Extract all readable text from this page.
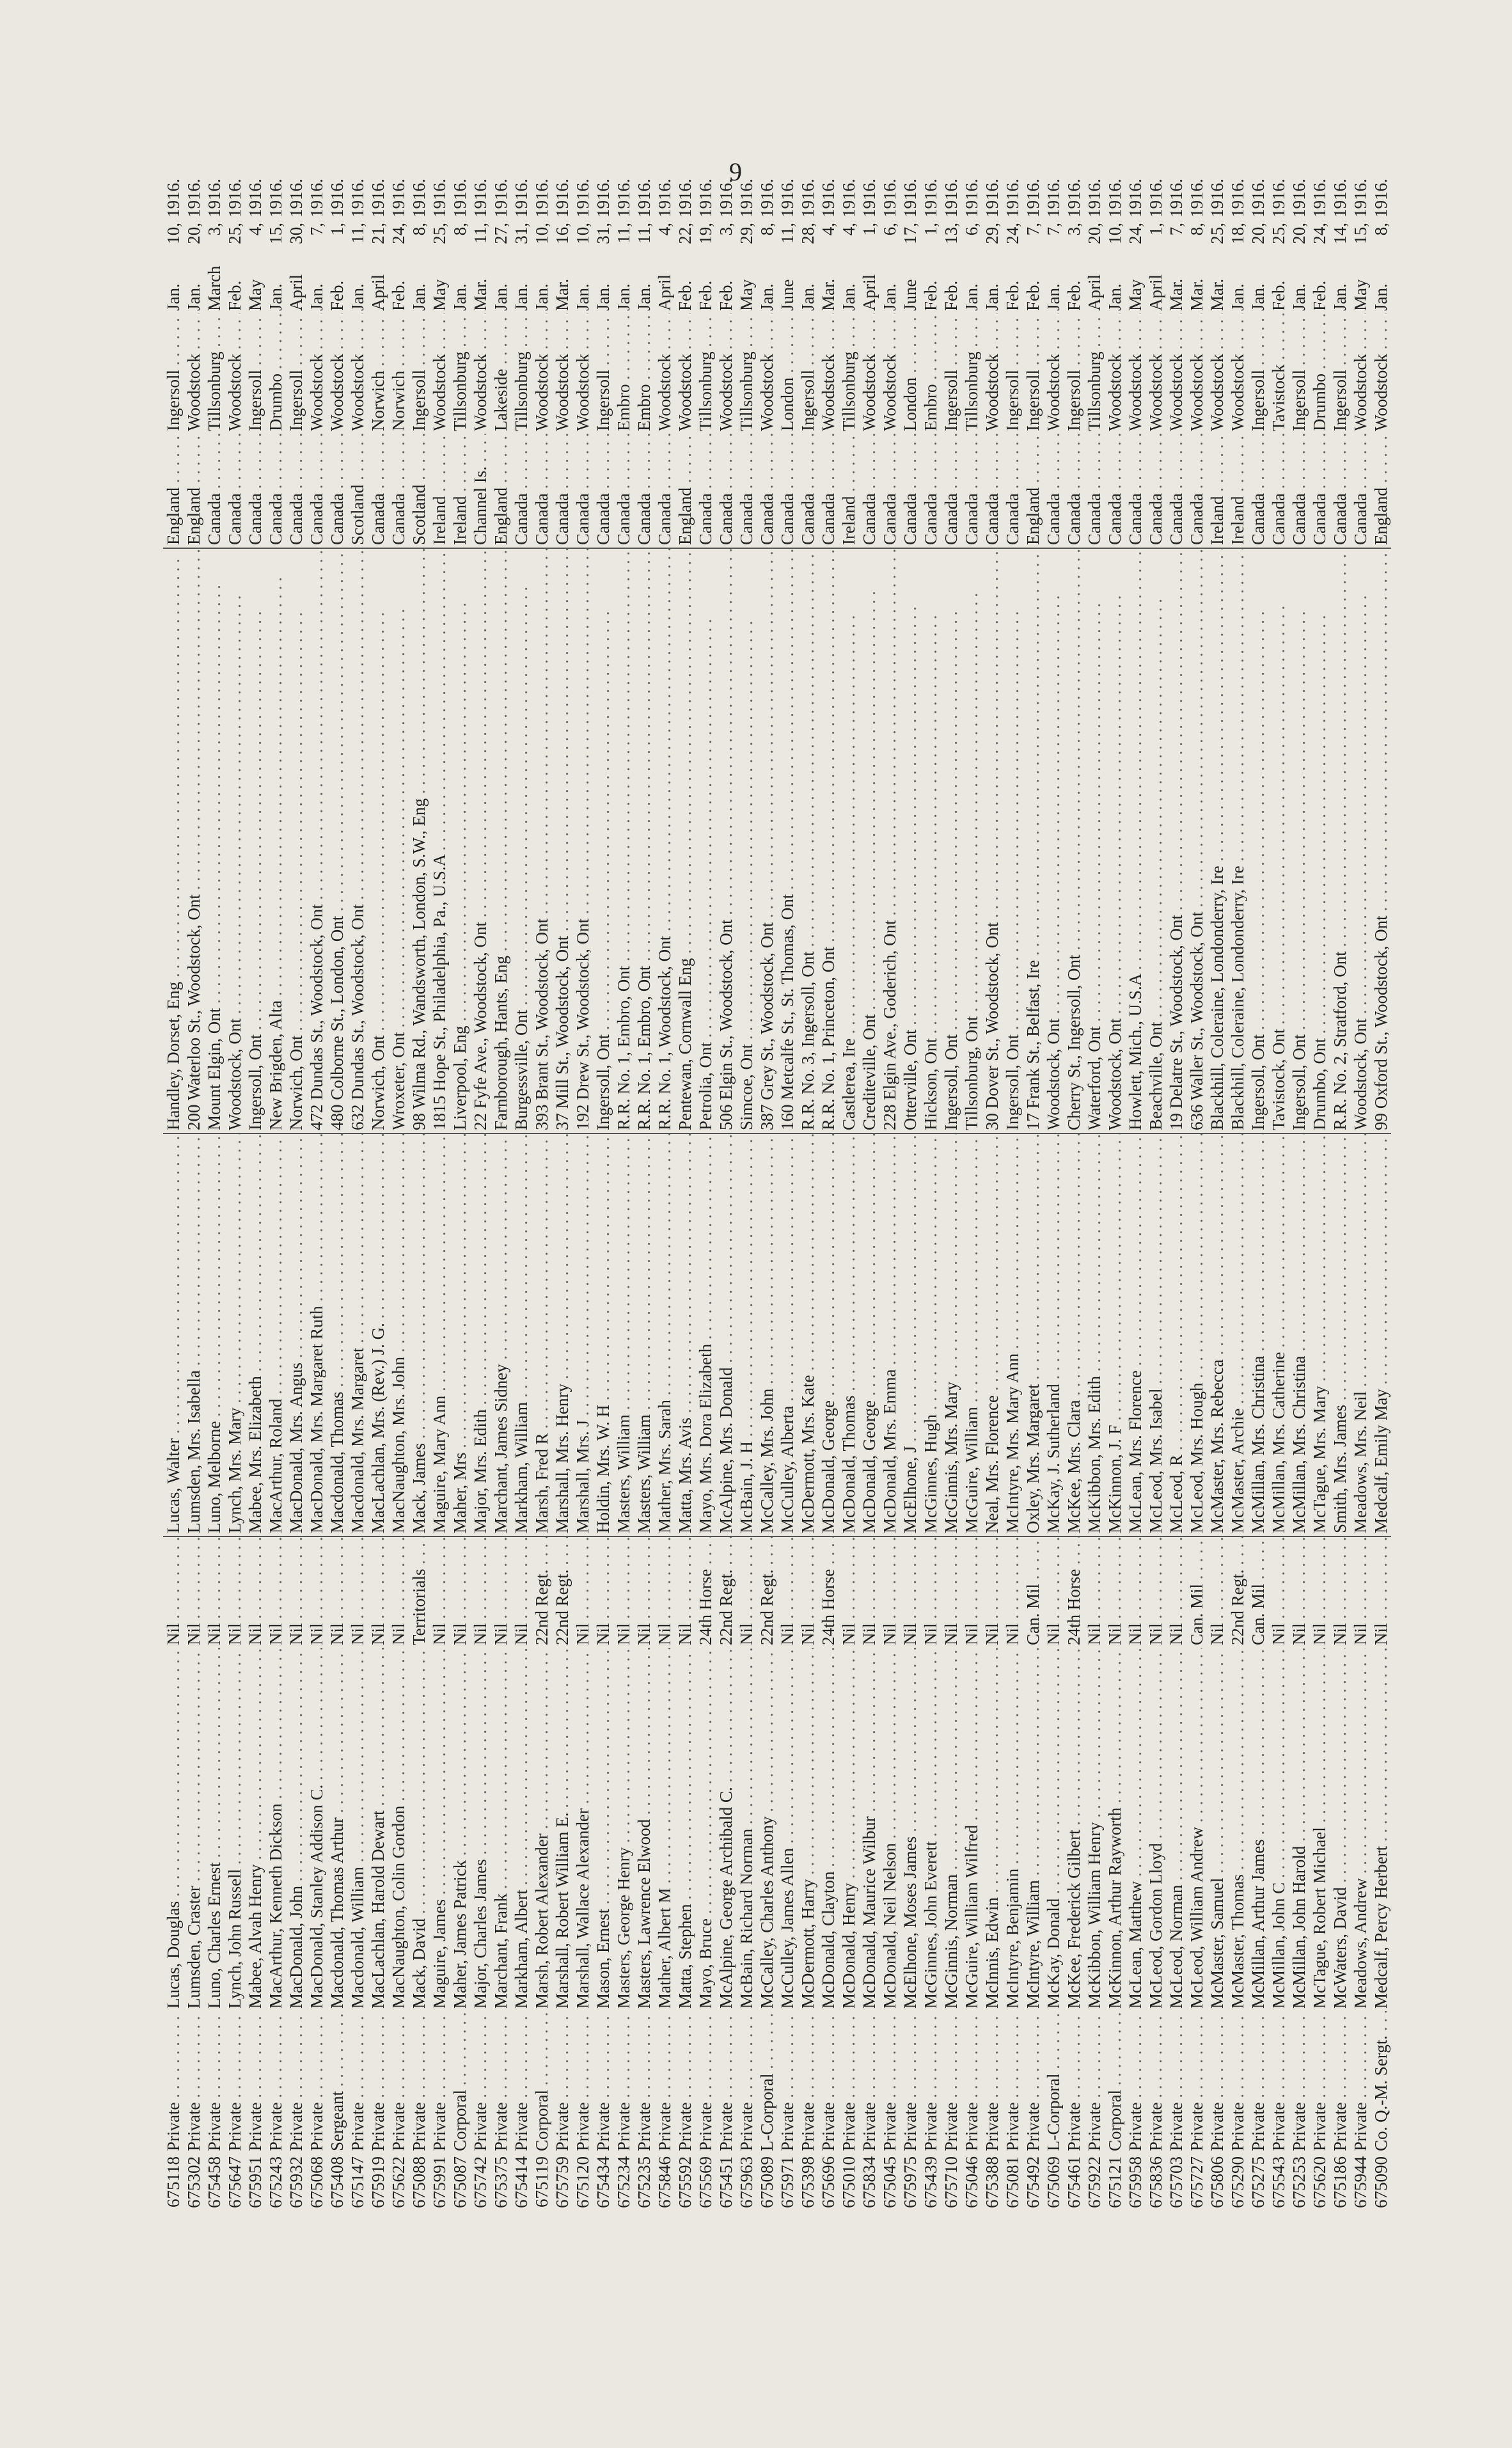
9
675118	Private . . .	Lucas, Douglas . . .	Nil . . .	Lucas, Walter . . .	Handley, Dorset, Eng . . .	England . . .	Ingersoll . . .	Jan.	10,	1916.
675302	Private . . .	Lumsden, Craster . . .	Nil . . .	Lumsden, Mrs. Isabella . . .	200 Waterloo St., Woodstock, Ont . . .	England . . .	Woodstock . . .	Jan.	20,	1916.
675458	Private . . .	Luno, Charles Ernest . . .	Nil . . .	Luno, Melborne . . .	Mount Elgin, Ont . . .	Canada . . .	Tillsonburg . . .	March	3,	1916.
675647	Private . . .	Lynch, John Russell . . .	Nil . . .	Lynch, Mrs. Mary . . .	Woodstock, Ont . . .	Canada . . .	Woodstock . . .	Feb.	25,	1916.
675951	Private . . .	Mabee, Alvah Henry . . .	Nil . . .	Mabee, Mrs. Elizabeth . . .	Ingersoll, Ont . . .	Canada . . .	Ingersoll . . .	May	4,	1916.
675243	Private . . .	MacArthur, Kenneth Dickson . . .	Nil . . .	MacArthur, Roland . . .	New Brigden, Alta . . .	Canada . . .	Drumbo . . .	Jan.	15,	1916.
675932	Private . . .	MacDonald, John . . .	Nil . . .	MacDonald, Mrs. Angus . . .	Norwich, Ont . . .	Canada . . .	Ingersoll . . .	April	30,	1916.
675068	Private . . .	MacDonald, Stanley Addison C. . . .	Nil . . .	MacDonald, Mrs. Margaret Ruth . . .	472 Dundas St., Woodstock, Ont . . .	Canada . . .	Woodstock . . .	Jan.	7,	1916.
675408	Sergeant . . .	Macdonald, Thomas Arthur . . .	Nil . . .	Macdonald, Thomas . . .	480 Colborne St., London, Ont . . .	Canada . . .	Woodstock . . .	Feb.	1,	1916.
675147	Private . . .	Macdonald, William . . .	Nil . . .	Macdonald, Mrs. Margaret . . .	632 Dundas St., Woodstock, Ont . . .	Scotland . . .	Woodstock . . .	Jan.	11,	1916.
675919	Private . . .	MacLachlan, Harold Dewart . . .	Nil . . .	MacLachlan, Mrs. (Rev.) J. G. . . .	Norwich, Ont . . .	Canada . . .	Norwich . . .	April	21,	1916.
675622	Private . . .	MacNaughton, Colin Gordon . . .	Nil . . .	MacNaughton, Mrs. John . . .	Wroxeter, Ont . . .	Canada . . .	Norwich . . .	Feb.	24,	1916.
675088	Private . . .	Mack, David . . .	Territorials . . .	Mack, James . . .	98 Wilma Rd., Wandsworth, London, S.W., Eng . . .	Scotland . . .	Ingersoll . . .	Jan.	8,	1916.
675991	Private . . .	Maguire, James . . .	Nil . . .	Maguire, Mary Ann . . .	1815 Hope St., Philadelphia, Pa., U.S.A . . .	Ireland . . .	Woodstock . . .	May	25,	1916.
675087	Corporal . . .	Maher, James Patrick . . .	Nil . . .	Maher, Mrs . . .	Liverpool, Eng . . .	Ireland . . .	Tillsonburg . . .	Jan.	8,	1916.
675742	Private . . .	Major, Charles James . . .	Nil . . .	Major, Mrs. Edith . . .	22 Fyfe Ave., Woodstock, Ont . . .	Channel Is. . . .	Woodstock . . .	Mar.	11,	1916.
675375	Private . . .	Marchant, Frank . . .	Nil . . .	Marchant, James Sidney . . .	Farnborough, Hants, Eng . . .	England . . .	Lakeside . . .	Jan.	27,	1916.
675414	Private . . .	Markham, Albert . . .	Nil . . .	Markham, William . . .	Burgessville, Ont . . .	Canada . . .	Tillsonburg . . .	Jan.	31,	1916.
675119	Corporal . . .	Marsh, Robert Alexander . . .	22nd Regt. . . .	Marsh, Fred R . . .	393 Brant St., Woodstock, Ont . . .	Canada . . .	Woodstock . . .	Jan.	10,	1916.
675759	Private . . .	Marshall, Robert William E. . . .	22nd Regt. . . .	Marshall, Mrs. Henry . . .	37 Mill St., Woodstock, Ont . . .	Canada . . .	Woodstock . . .	Mar.	16,	1916.
675120	Private . . .	Marshall, Wallace Alexander . . .	Nil . . .	Marshall, Mrs. J . . .	192 Drew St., Woodstock, Ont . . .	Canada . . .	Woodstock . . .	Jan.	10,	1916.
675434	Private . . .	Mason, Ernest . . .	Nil . . .	Holdin, Mrs. W. H . . .	Ingersoll, Ont . . .	Canada . . .	Ingersoll . . .	Jan.	31,	1916.
675234	Private . . .	Masters, George Henry . . .	Nil . . .	Masters, William . . .	R.R. No. 1, Embro, Ont . . .	Canada . . .	Embro . . .	Jan.	11,	1916.
675235	Private . . .	Masters, Lawrence Elwood . . .	Nil . . .	Masters, William . . .	R.R. No. 1, Embro, Ont . . .	Canada . . .	Embro . . .	Jan.	11,	1916.
675846	Private . . .	Mather, Albert M . . .	Nil . . .	Mather, Mrs. Sarah . . .	R.R. No. 1, Woodstock, Ont . . .	Canada . . .	Woodstock . . .	April	4,	1916.
675592	Private . . .	Matta, Stephen . . .	Nil . . .	Matta, Mrs. Avis . . .	Pentewan, Cornwall Eng . . .	England . . .	Woodstock . . .	Feb.	22,	1916.
675569	Private . . .	Mayo, Bruce . . .	24th Horse . . .	Mayo, Mrs. Dora Elizabeth . . .	Petrolia, Ont . . .	Canada . . .	Tillsonburg . . .	Feb.	19,	1916.
675451	Private . . .	McAlpine, George Archibald C. . . .	22nd Regt. . . .	McAlpine, Mrs. Donald . . .	506 Elgin St., Woodstock, Ont . . .	Canada . . .	Woodstock . . .	Feb.	3,	1916.
675963	Private . . .	McBain, Richard Norman . . .	Nil . . .	McBain, J. H . . .	Simcoe, Ont . . .	Canada . . .	Tillsonburg . . .	May	29,	1916.
675089	L-Corporal . . .	McCalley, Charles Anthony . . .	22nd Regt. . . .	McCalley, Mrs. John . . .	387 Grey St., Woodstock, Ont . . .	Canada . . .	Woodstock . . .	Jan.	8,	1916.
675971	Private . . .	McCulley, James Allen . . .	Nil . . .	McCulley, Alberta . . .	160 Metcalfe St., St. Thomas, Ont . . .	Canada . . .	London . . .	June	11,	1916.
675398	Private . . .	McDermott, Harry . . .	Nil . . .	McDermott, Mrs. Kate . . .	R.R. No. 3, Ingersoll, Ont . . .	Canada . . .	Ingersoll . . .	Jan.	28,	1916.
675696	Private . . .	McDonald, Clayton . . .	24th Horse . . .	McDonald, George . . .	R.R. No. 1, Princeton, Ont . . .	Canada . . .	Woodstock . . .	Mar.	4,	1916.
675010	Private . . .	McDonald, Henry . . .	Nil . . .	McDonald, Thomas . . .	Castlerea, Ire . . .	Ireland . . .	Tillsonburg . . .	Jan.	4,	1916.
675834	Private . . .	McDonald, Maurice Wilbur . . .	Nil . . .	McDonald, George . . .	Crediteville, Ont . . .	Canada . . .	Woodstock . . .	April	1,	1916.
675045	Private . . .	McDonald, Neil Nelson . . .	Nil . . .	McDonald, Mrs. Emma . . .	228 Elgin Ave., Goderich, Ont . . .	Canada . . .	Woodstock . . .	Jan.	6,	1916.
675975	Private . . .	McElhone, Moses James . . .	Nil . . .	McElhone, J . . .	Otterville, Ont . . .	Canada . . .	London . . .	June	17,	1916.
675439	Private . . .	McGinnes, John Everett . . .	Nil . . .	McGinnes, Hugh . . .	Hickson, Ont . . .	Canada . . .	Embro . . .	Feb.	1,	1916.
675710	Private . . .	McGinnis, Norman . . .	Nil . . .	McGinnis, Mrs. Mary . . .	Ingersoll, Ont . . .	Canada . . .	Ingersoll . . .	Feb.	13,	1916.
675046	Private . . .	McGuire, William Wilfred . . .	Nil . . .	McGuire, William . . .	Tillsonburg, Ont . . .	Canada . . .	Tillsonburg . . .	Jan.	6,	1916.
675388	Private . . .	McInnis, Edwin . . .	Nil . . .	Neal, Mrs. Florence . . .	30 Dover St., Woodstock, Ont . . .	Canada . . .	Woodstock . . .	Jan.	29,	1916.
675081	Private . . .	McIntyre, Benjamin . . .	Nil . . .	McIntyre, Mrs. Mary Ann . . .	Ingersoll, Ont . . .	Canada . . .	Ingersoll . . .	Feb.	24,	1916.
675492	Private . . .	McIntyre, William . . .	Can. Mil . . .	Oxley, Mrs. Margaret . . .	17 Frank St., Belfast, Ire . . .	England . . .	Ingersoll . . .	Feb.	7,	1916.
675069	L-Corporal . . .	McKay, Donald . . .	Nil . . .	McKay, J. Sutherland . . .	Woodstock, Ont . . .	Canada . . .	Woodstock . . .	Jan.	7,	1916.
675461	Private . . .	McKee, Frederick Gilbert . . .	24th Horse . . .	McKee, Mrs. Clara . . .	Cherry St., Ingersoll, Ont . . .	Canada . . .	Ingersoll . . .	Feb.	3,	1916.
675922	Private . . .	McKibbon, William Henry . . .	Nil . . .	McKibbon, Mrs. Edith . . .	Waterford, Ont . . .	Canada . . .	Tillsonburg . . .	April	20,	1916.
675121	Corporal . . .	McKinnon, Arthur Rayworth . . .	Nil . . .	McKinnon, J. F . . .	Woodstock, Ont . . .	Canada . . .	Woodstock . . .	Jan.	10,	1916.
675958	Private . . .	McLean, Matthew . . .	Nil . . .	McLean, Mrs. Florence . . .	Howlett, Mich., U.S.A . . .	Canada . . .	Woodstock . . .	May	24,	1916.
675836	Private . . .	McLeod, Gordon Lloyd . . .	Nil . . .	McLeod, Mrs. Isabel . . .	Beachville, Ont . . .	Canada . . .	Woodstock . . .	April	1,	1916.
675703	Private . . .	McLeod, Norman . . .	Nil . . .	McLeod, R . . .	19 Delatre St., Woodstock, Ont . . .	Canada . . .	Woodstock . . .	Mar.	7,	1916.
675727	Private . . .	McLeod, William Andrew . . .	Can. Mil . . .	McLeod, Mrs. Hough . . .	636 Waller St., Woodstock, Ont . . .	Canada . . .	Woodstock . . .	Mar.	8,	1916.
675806	Private . . .	McMaster, Samuel . . .	Nil . . .	McMaster, Mrs. Rebecca . . .	Blackhill, Coleraine, Londonderry, Ire . . .	Ireland . . .	Woodstock . . .	Mar.	25,	1916.
675290	Private . . .	McMaster, Thomas . . .	22nd Regt. . . .	McMaster, Archie . . .	Blackhill, Coleraine, Londonderry, Ire . . .	Ireland . . .	Woodstock . . .	Jan.	18,	1916.
675275	Private . . .	McMillan, Arthur James . . .	Can. Mil . . .	McMillan, Mrs. Christina . . .	Ingersoll, Ont . . .	Canada . . .	Ingersoll . . .	Jan.	20,	1916.
675543	Private . . .	McMillan, John C . . .	Nil . . .	McMillan, Mrs. Catherine . . .	Tavistock, Ont . . .	Canada . . .	Tavistock . . .	Feb.	25,	1916.
675253	Private . . .	McMillan, John Harold . . .	Nil . . .	McMillan, Mrs. Christina . . .	Ingersoll, Ont . . .	Canada . . .	Ingersoll . . .	Jan.	20,	1916.
675620	Private . . .	McTague, Robert Michael . . .	Nil . . .	McTague, Mrs. Mary . . .	Drumbo, Ont . . .	Canada . . .	Drumbo . . .	Feb.	24,	1916.
675186	Private . . .	McWaters, David . . .	Nil . . .	Smith, Mrs. James . . .	R.R. No. 2, Stratford, Ont . . .	Canada . . .	Ingersoll . . .	Jan.	14,	1916.
675944	Private . . .	Meadows, Andrew . . .	Nil . . .	Meadows, Mrs. Neil . . .	Woodstock, Ont . . .	Canada . . .	Woodstock . . .	May	15,	1916.
675090	Co. Q.-M. Sergt. . . .	Medcalf, Percy Herbert . . .	Nil . . .	Medcalf, Emily May . . .	99 Oxford St., Woodstock, Ont . . .	England . . .	Woodstock . . .	Jan.	8,	1916.
